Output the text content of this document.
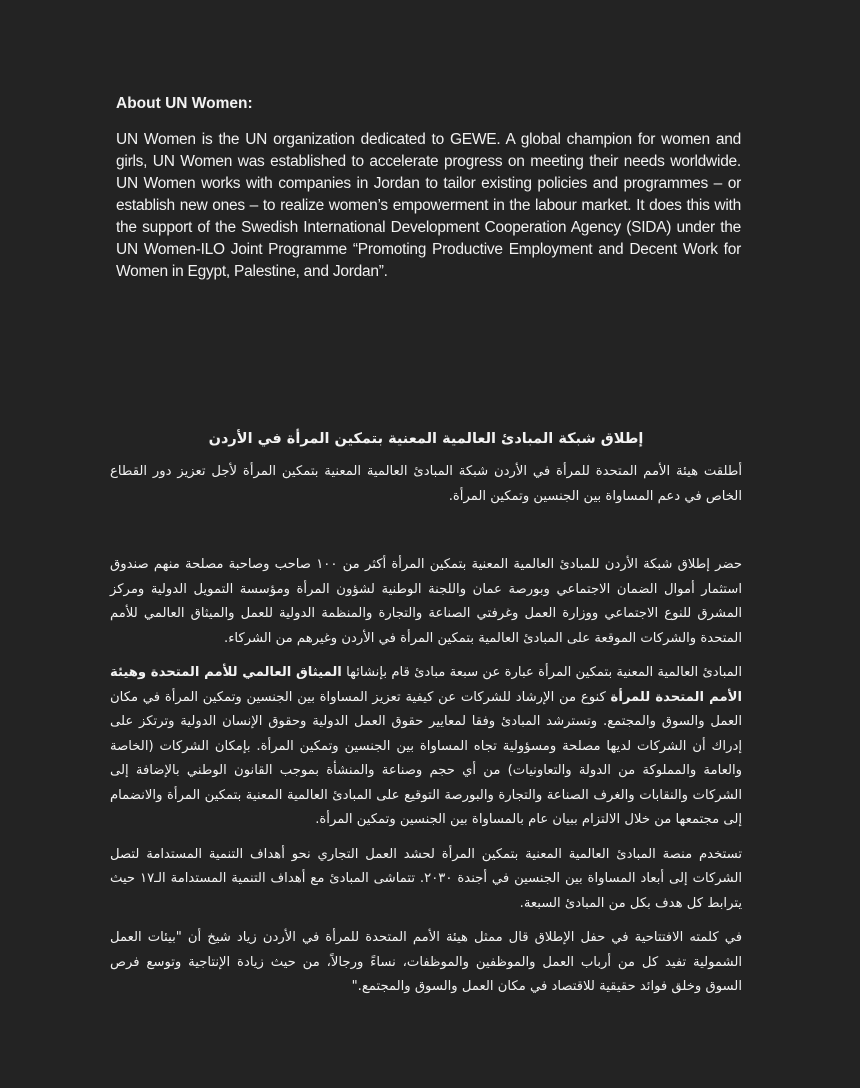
About UN Women:

UN Women is the UN organization dedicated to GEWE. A global champion for women and girls, UN Women was established to accelerate progress on meeting their needs worldwide. UN Women works with companies in Jordan to tailor existing policies and programmes – or establish new ones – to realize women’s empowerment in the labour market. It does this with the support of the Swedish International Development Cooperation Agency (SIDA) under the UN Women-ILO Joint Programme “Promoting Productive Employment and Decent Work for Women in Egypt, Palestine, and Jordan”.

إطلاق شبكة المبادئ العالمية المعنية بتمكين المرأة في الأردن

أطلقت هيئة الأمم المتحدة للمرأة في الأردن شبكة المبادئ العالمية المعنية بتمكين المرأة لأجل تعزيز دور القطاع الخاص في دعم المساواة بين الجنسين وتمكين المرأة.

حضر إطلاق شبكة الأردن للمبادئ العالمية المعنية بتمكين المرأة أكثر من ١٠٠ صاحب وصاحبة مصلحة منهم صندوق استثمار أموال الضمان الاجتماعي وبورصة عمان واللجنة الوطنية لشؤون المرأة ومؤسسة التمويل الدولية ومركز المشرق للنوع الاجتماعي ووزارة العمل وغرفتي الصناعة والتجارة والمنظمة الدولية للعمل والميثاق العالمي للأمم المتحدة والشركات الموقعة على المبادئ العالمية بتمكين المرأة في الأردن وغيرهم من الشركاء.

المبادئ العالمية المعنية بتمكين المرأة عبارة عن سبعة مبادئ قام بإنشائها الميثاق العالمي للأمم المتحدة وهيئة الأمم المتحدة للمرأة كنوع من الإرشاد للشركات عن كيفية تعزيز المساواة بين الجنسين وتمكين المرأة في مكان العمل والسوق والمجتمع. وتسترشد المبادئ وفقا لمعايير حقوق العمل الدولية وحقوق الإنسان الدولية وترتكز على إدراك أن الشركات لديها مصلحة ومسؤولية تجاه المساواة بين الجنسين وتمكين المرأة. بإمكان الشركات (الخاصة والعامة والمملوكة من الدولة والتعاونيات) من أي حجم وصناعة والمنشأة بموجب القانون الوطني بالإضافة إلى الشركات والنقابات والغرف الصناعة والتجارة والبورصة التوقيع على المبادئ العالمية المعنية بتمكين المرأة والانضمام إلى مجتمعها من خلال الالتزام ببيان عام بالمساواة بين الجنسين وتمكين المرأة.

تستخدم منصة المبادئ العالمية المعنية بتمكين المرأة لحشد العمل التجاري نحو أهداف التنمية المستدامة لتصل الشركات إلى أبعاد المساواة بين الجنسين في أجندة ٢٠٣٠. تتماشى المبادئ مع أهداف التنمية المستدامة الـ١٧ حيث يترابط كل هدف بكل من المبادئ السبعة.

في كلمته الافتتاحية في حفل الإطلاق قال ممثل هيئة الأمم المتحدة للمرأة في الأردن زياد شيخ أن "بيئات العمل الشمولية تفيد كل من أرباب العمل والموظفين والموظفات، نساءً ورجالاً، من حيث زيادة الإنتاجية وتوسع فرص السوق وخلق فوائد حقيقية للاقتصاد في مكان العمل والسوق والمجتمع."
